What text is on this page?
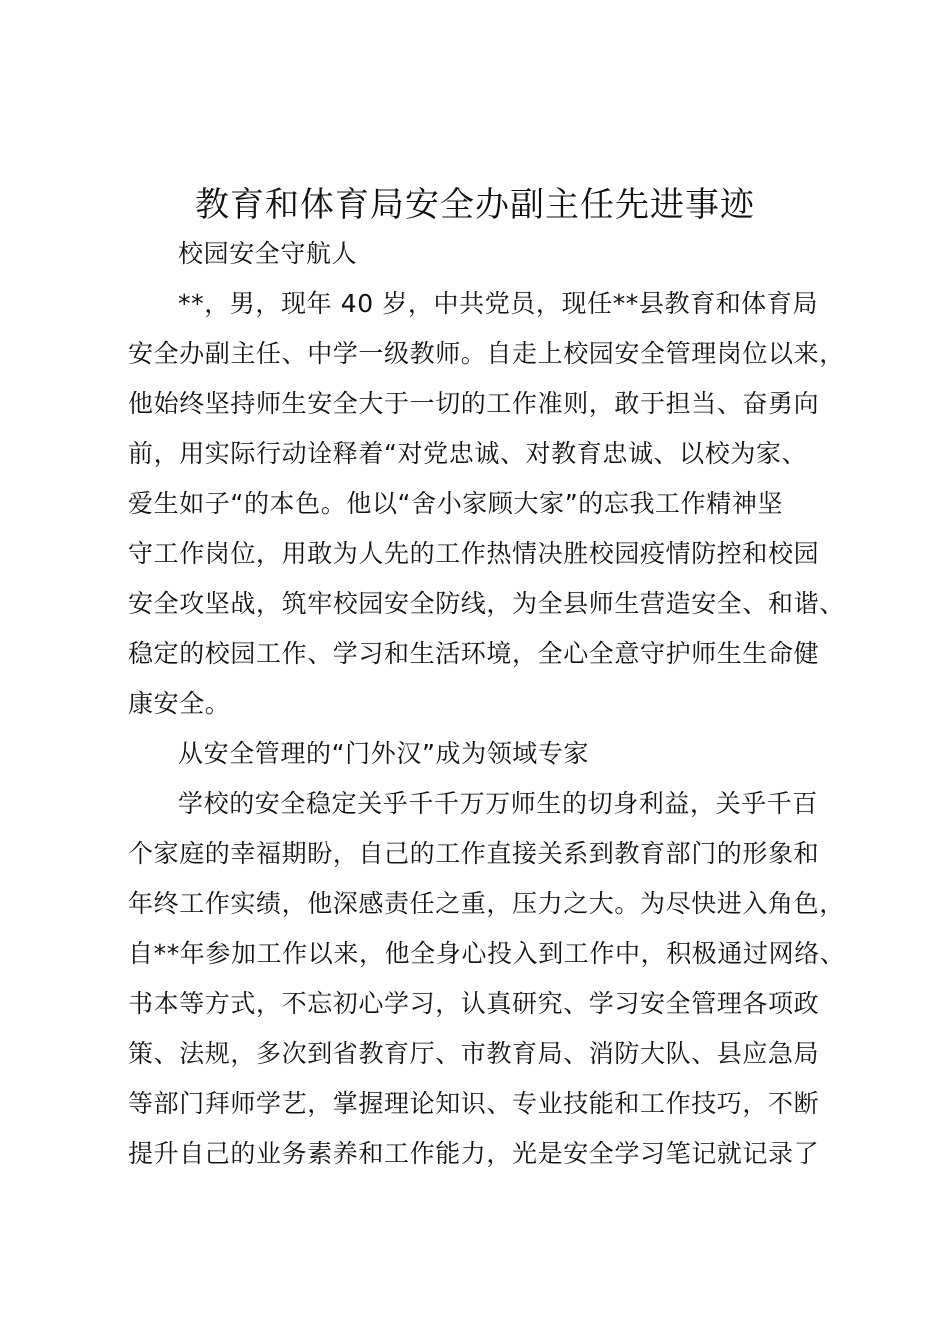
教育和体育局安全办副主任先进事迹
校园安全守航人
**，男，现年 40 岁，中共党员，现任**县教育和体育局
安全办副主任、中学一级教师。自走上校园安全管理岗位以来，
他始终坚持师生安全大于一切的工作准则，敢于担当、奋勇向
前，用实际行动诠释着“对党忠诚、对教育忠诚、以校为家、
爱生如子“的本色。他以“舍小家顾大家”的忘我工作精神坚
守工作岗位，用敢为人先的工作热情决胜校园疫情防控和校园
安全攻坚战，筑牢校园安全防线，为全县师生营造安全、和谐、
稳定的校园工作、学习和生活环境，全心全意守护师生生命健
康安全。
从安全管理的“门外汉”成为领域专家
学校的安全稳定关乎千千万万师生的切身利益，关乎千百
个家庭的幸福期盼，自己的工作直接关系到教育部门的形象和
年终工作实绩，他深感责任之重，压力之大。为尽快进入角色，
自**年参加工作以来，他全身心投入到工作中，积极通过网络、
书本等方式，不忘初心学习，认真研究、学习安全管理各项政
策、法规，多次到省教育厅、市教育局、消防大队、县应急局
等部门拜师学艺，掌握理论知识、专业技能和工作技巧，不断
提升自己的业务素养和工作能力，光是安全学习笔记就记录了
